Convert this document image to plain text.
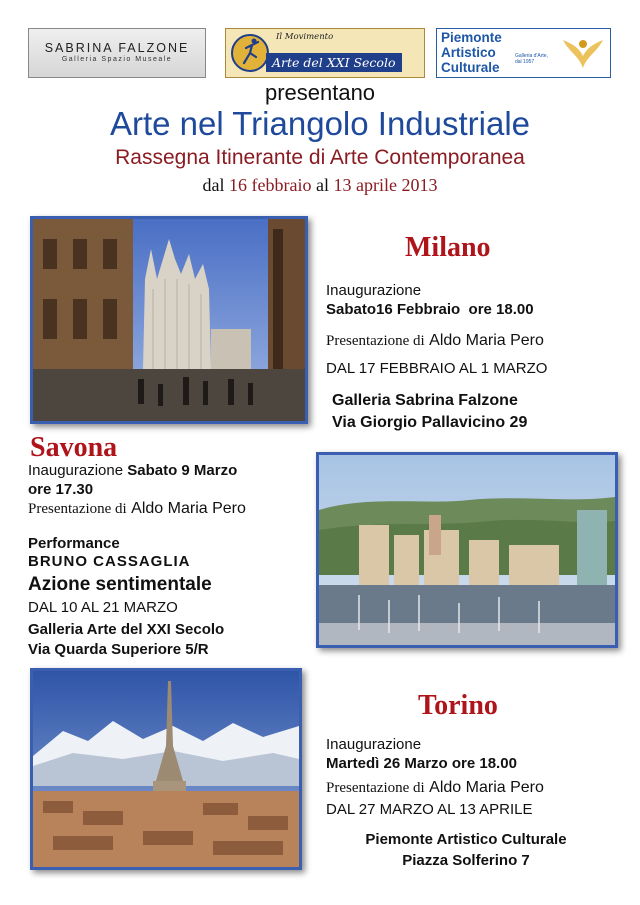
SABRINA FALZONE
Galleria Spazio Museale
Il Movimento
Arte del XXI Secolo
Piemonte
Artistico
Culturale
Galleria d'Arte, dal 1957
presentano
Arte nel Triangolo Industriale
Rassegna Itinerante di Arte Contemporanea
dal 16 febbraio al 13 aprile 2013
Milano
Inaugurazione
Sabato16 Febbraio  ore 18.00
Presentazione di Aldo Maria Pero
DAL 17 FEBBRAIO AL 1 MARZO
Galleria Sabrina Falzone
Via Giorgio Pallavicino 29
Savona
Inaugurazione Sabato 9 Marzo
ore 17.30
Presentazione di Aldo Maria Pero
Performance
BRUNO CASSAGLIA
Azione sentimentale
DAL 10 AL 21 MARZO
Galleria Arte del XXI Secolo
Via Quarda Superiore 5/R
Torino
Inaugurazione
Martedì 26 Marzo ore 18.00
Presentazione di Aldo Maria Pero
DAL 27 MARZO AL 13 APRILE
Piemonte Artistico Culturale
Piazza Solferino 7
